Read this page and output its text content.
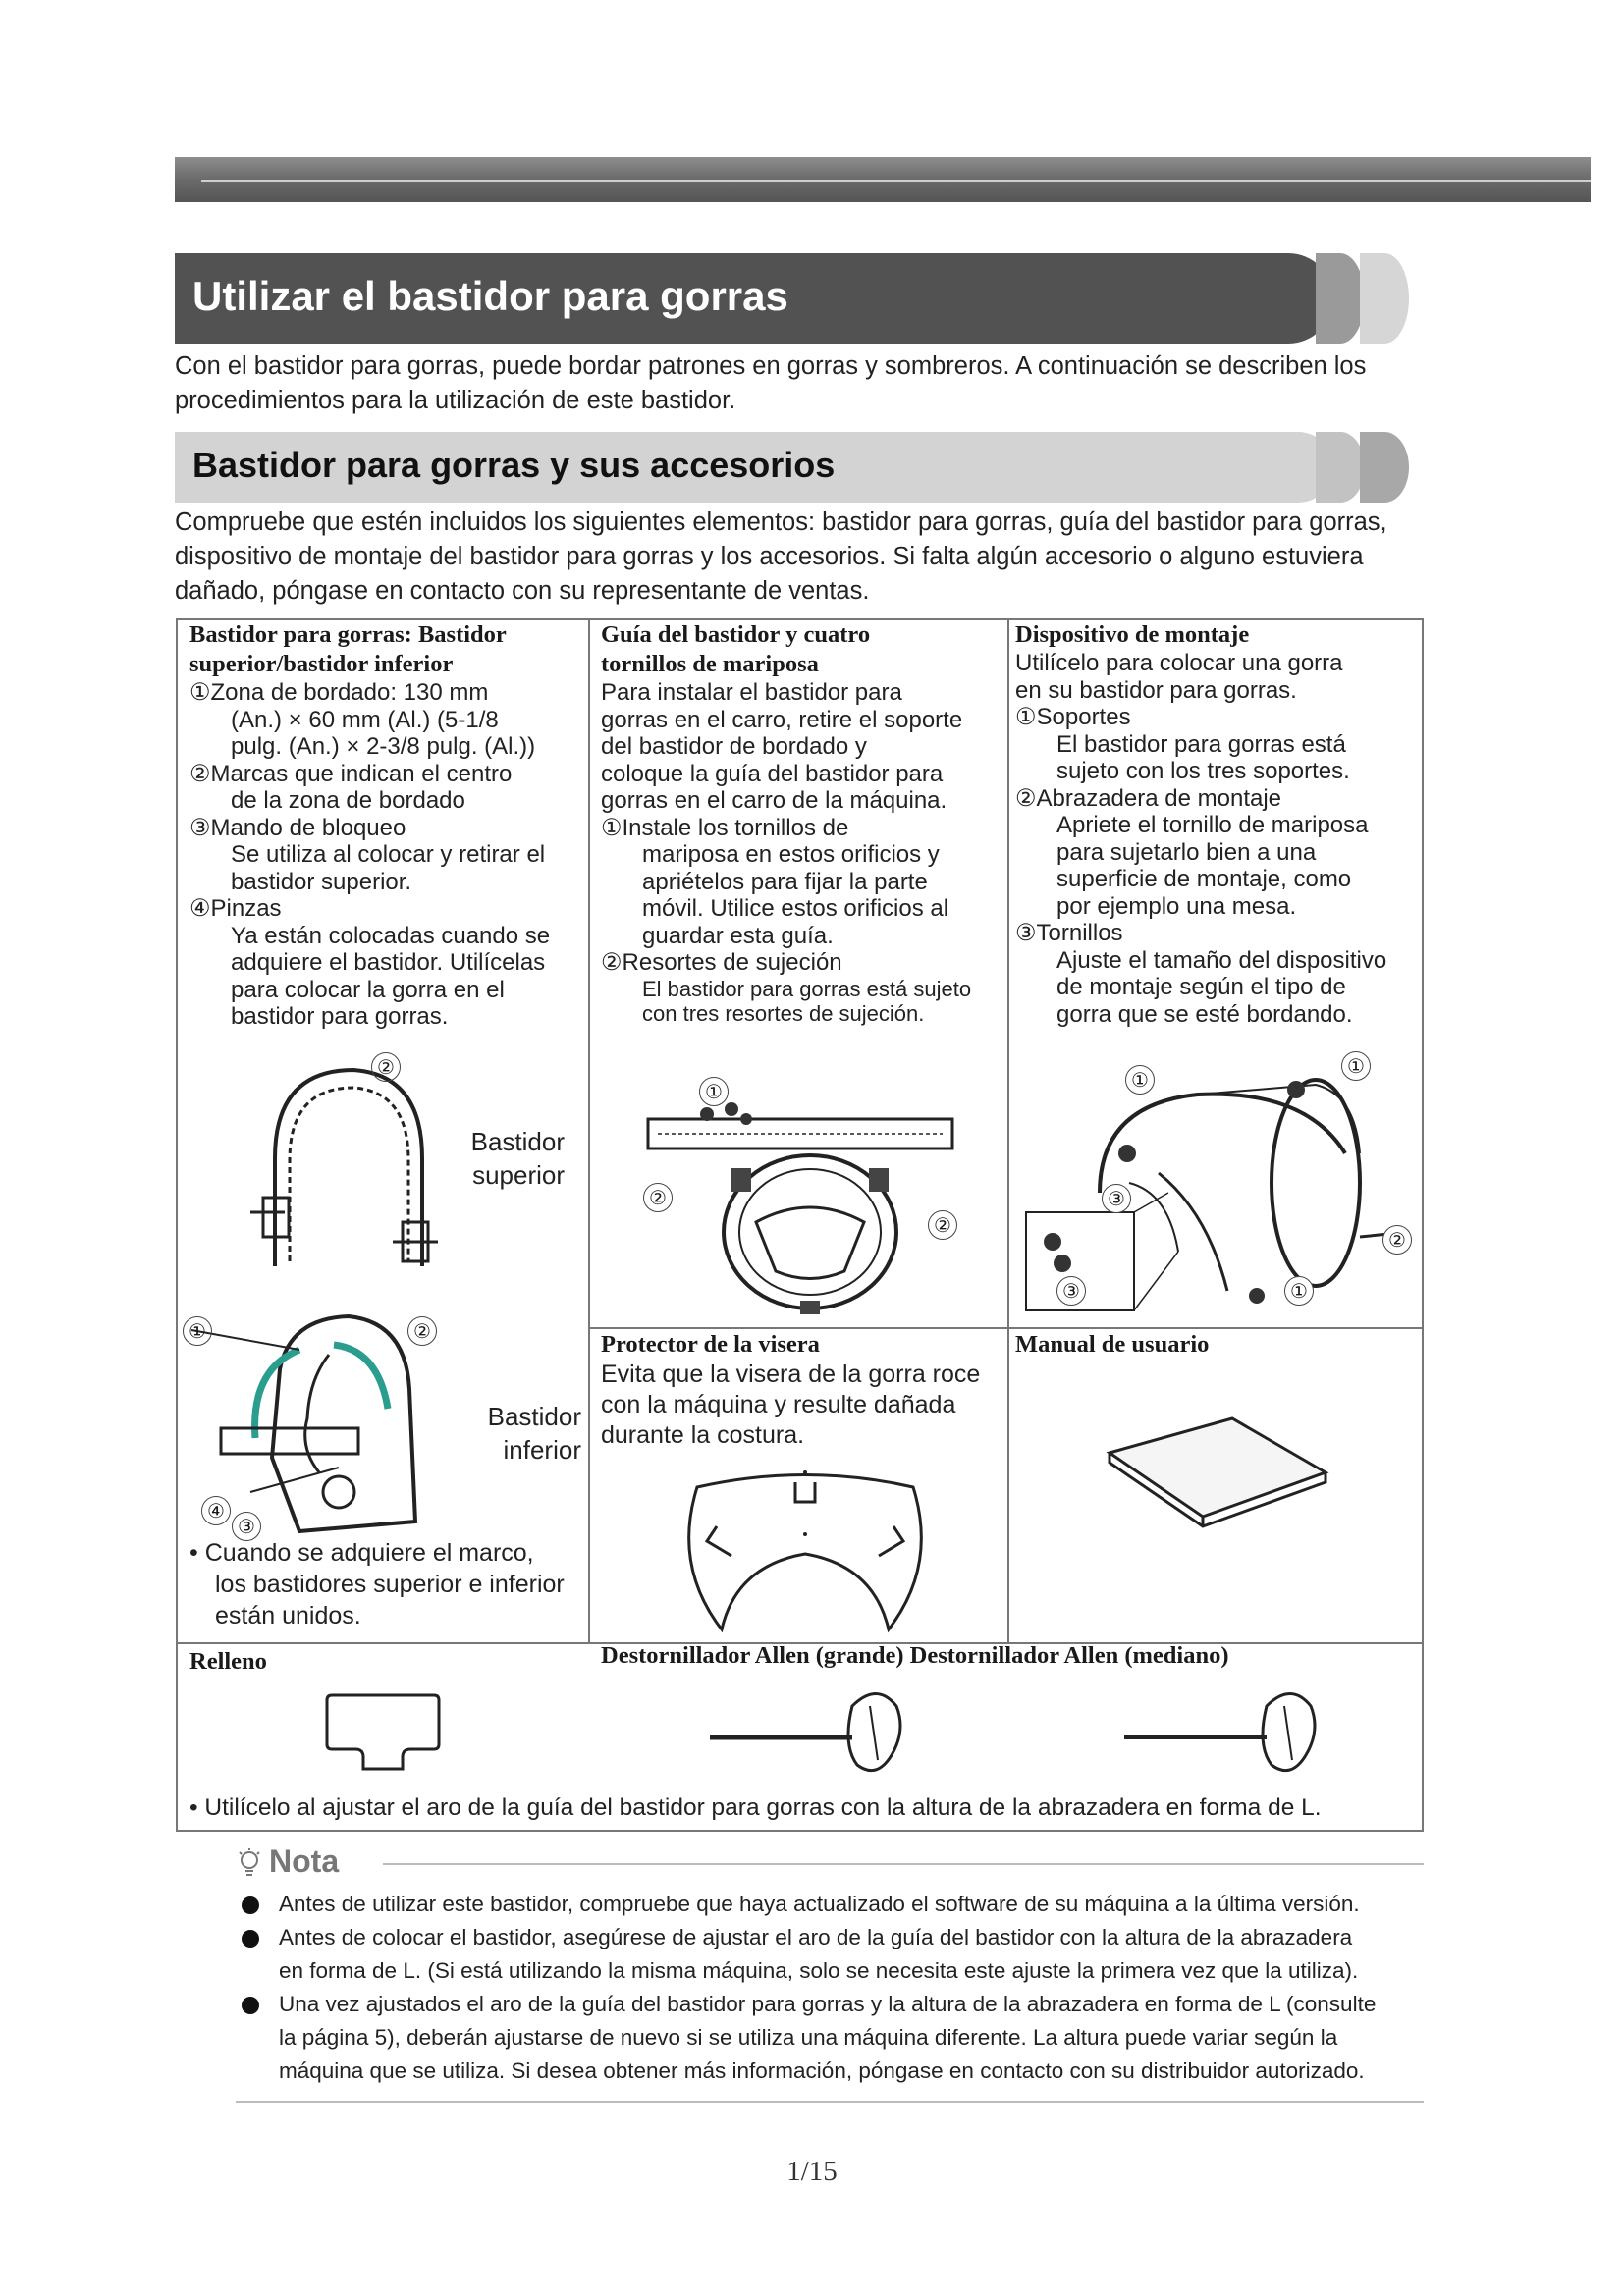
Utilizar el bastidor para gorras
Con el bastidor para gorras, puede bordar patrones en gorras y sombreros. A continuación se describen los procedimientos para la utilización de este bastidor.
Bastidor para gorras y sus accesorios
Compruebe que estén incluidos los siguientes elementos: bastidor para gorras, guía del bastidor para gorras, dispositivo de montaje del bastidor para gorras y los accesorios. Si falta algún accesorio o alguno estuviera dañado, póngase en contacto con su representante de ventas.
Bastidor para gorras: Bastidor
superior/bastidor inferior
①Zona de bordado: 130 mm
(An.) × 60 mm (Al.) (5-1/8
pulg. (An.) × 2-3/8 pulg. (Al.))
②Marcas que indican el centro
de la zona de bordado
③Mando de bloqueo
Se utiliza al colocar y retirar el
bastidor superior.
④Pinzas
Ya están colocadas cuando se
adquiere el bastidor. Utilícelas
para colocar la gorra en el
bastidor para gorras.
②
Bastidor
superior
①	②
④
③
Bastidor
inferior
• Cuando se adquiere el marco,
los bastidores superior e inferior
están unidos.
Guía del bastidor y cuatro
tornillos de mariposa
Para instalar el bastidor para
gorras en el carro, retire el soporte
del bastidor de bordado y
coloque la guía del bastidor para
gorras en el carro de la máquina.
①Instale los tornillos de
mariposa en estos orificios y
apriételos para fijar la parte
móvil. Utilice estos orificios al
guardar esta guía.
②Resortes de sujeción
El bastidor para gorras está sujeto
con tres resortes de sujeción.
①
②
②
Dispositivo de montaje
Utilícelo para colocar una gorra
en su bastidor para gorras.
①Soportes
El bastidor para gorras está
sujeto con los tres soportes.
②Abrazadera de montaje
Apriete el tornillo de mariposa
para sujetarlo bien a una
superficie de montaje, como
por ejemplo una mesa.
③Tornillos
Ajuste el tamaño del dispositivo
de montaje según el tipo de
gorra que se esté bordando.
①
①
③
③
②
①
Protector de la visera
Evita que la visera de la gorra roce
con la máquina y resulte dañada
durante la costura.
Manual de usuario
Relleno	Destornillador Allen (grande) Destornillador Allen (mediano)
• Utilícelo al ajustar el aro de la guía del bastidor para gorras con la altura de la abrazadera en forma de L.
Nota
Antes de utilizar este bastidor, compruebe que haya actualizado el software de su máquina a la última versión.
Antes de colocar el bastidor, asegúrese de ajustar el aro de la guía del bastidor con la altura de la abrazadera
en forma de L. (Si está utilizando la misma máquina, solo se necesita este ajuste la primera vez que la utiliza).
Una vez ajustados el aro de la guía del bastidor para gorras y la altura de la abrazadera en forma de L (consulte
la página 5), deberán ajustarse de nuevo si se utiliza una máquina diferente. La altura puede variar según la
máquina que se utiliza. Si desea obtener más información, póngase en contacto con su distribuidor autorizado.
1/15
